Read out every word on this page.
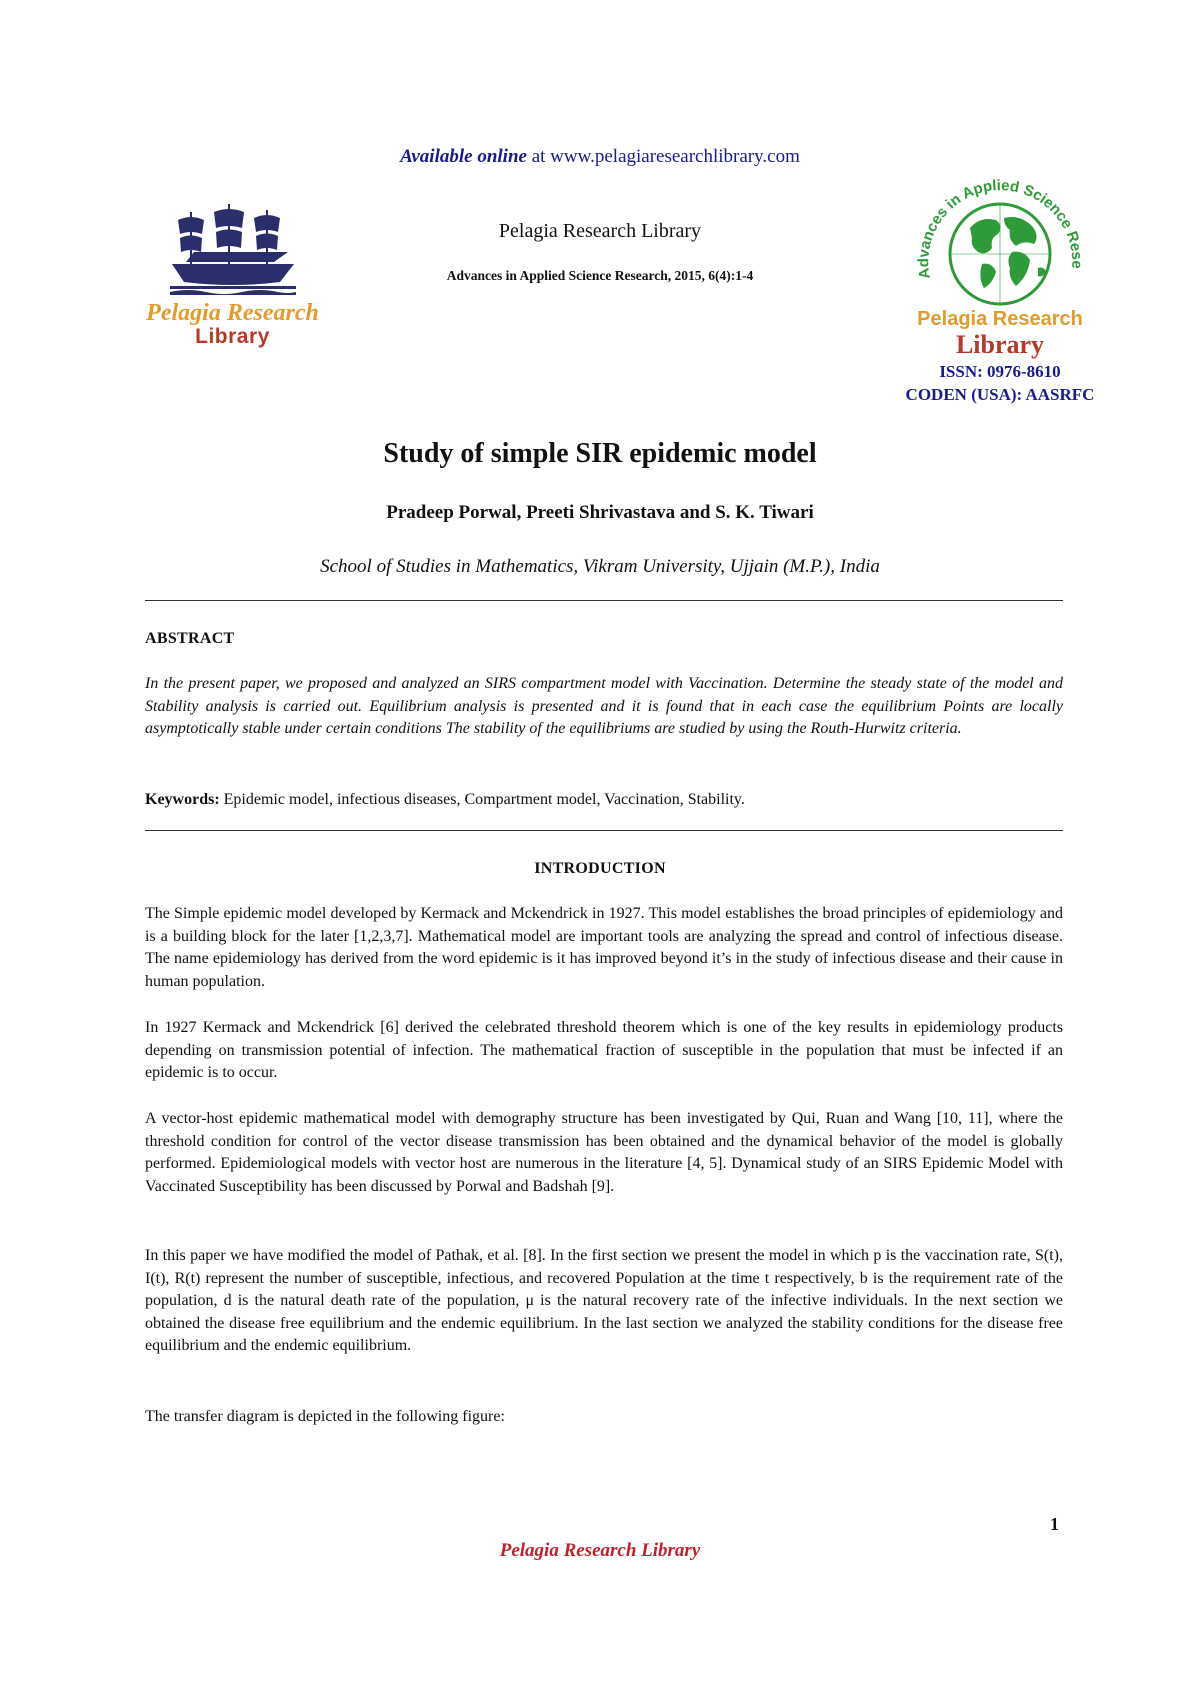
Available online at www.pelagiaresearchlibrary.com
Pelagia Research
Library
Pelagia Research Library
Advances in Applied Science Research, 2015, 6(4):1-4	Advances in Applied Science Rese
Pelagia Research
Library
ISSN: 0976-8610
CODEN (USA): AASRFC
Study of simple SIR epidemic model
Pradeep Porwal, Preeti Shrivastava and S. K. Tiwari
School of Studies in Mathematics, Vikram University, Ujjain (M.P.), India
ABSTRACT
In the present paper, we proposed and analyzed an SIRS compartment model with Vaccination. Determine the steady state of the model and Stability analysis is carried out. Equilibrium analysis is presented and it is found that in each case the equilibrium Points are locally asymptotically stable under certain conditions The stability of the equilibriums are studied by using the Routh-Hurwitz criteria.
Keywords: Epidemic model, infectious diseases, Compartment model, Vaccination, Stability.
INTRODUCTION
The Simple epidemic model developed by Kermack and Mckendrick in 1927. This model establishes the broad principles of epidemiology and is a building block for the later [1,2,3,7]. Mathematical model are important tools are analyzing the spread and control of infectious disease. The name epidemiology has derived from the word epidemic is it has improved beyond it’s in the study of infectious disease and their cause in human population.
In 1927 Kermack and Mckendrick [6] derived the celebrated threshold theorem which is one of the key results in epidemiology products depending on transmission potential of infection. The mathematical fraction of susceptible in the population that must be infected if an epidemic is to occur.
A vector-host epidemic mathematical model with demography structure has been investigated by Qui, Ruan and Wang [10, 11], where the threshold condition for control of the vector disease transmission has been obtained and the dynamical behavior of the model is globally performed. Epidemiological models with vector host are numerous in the literature [4, 5]. Dynamical study of an SIRS Epidemic Model with Vaccinated Susceptibility has been discussed by Porwal and Badshah [9].
In this paper we have modified the model of Pathak, et al. [8]. In the first section we present the model in which p is the vaccination rate, S(t), I(t), R(t) represent the number of susceptible, infectious, and recovered Population at the time t respectively, b is the requirement rate of the population, d is the natural death rate of the population, μ is the natural recovery rate of the infective individuals. In the next section we obtained the disease free equilibrium and the endemic equilibrium. In the last section we analyzed the stability conditions for the disease free equilibrium and the endemic equilibrium.
The transfer diagram is depicted in the following figure:
1
Pelagia Research Library
